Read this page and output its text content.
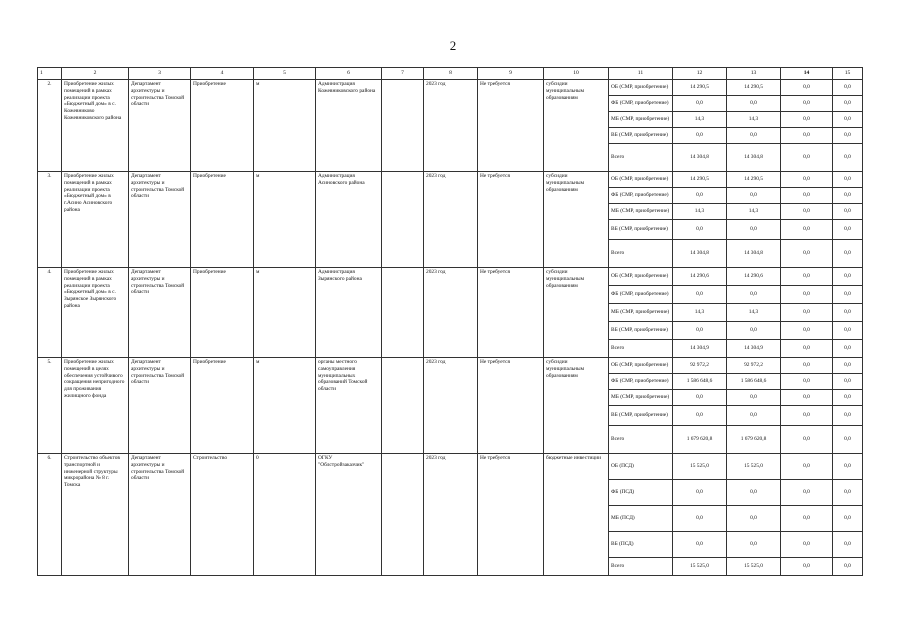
2
1	2	3	4	5	6	7	8	9	10	11	12	13	14	15
2.	Приобретение жилых помещений в рамках реализации проекта «Бюджетный дом» в с. Кожевниково Кожевниковского района	Департамент архитектуры и строительства Томской области	Приобретение	м	Администрация Кожевниковского района		2023 год	Не требуется	субсидии муниципальным образованиям	ОБ (СМР, приобретение)	14 290,5	14 290,5	0,0	0,0
										ФБ (СМР, приобретение)	0,0	0,0	0,0	0,0
										МБ (СМР, приобретение)	14,3	14,3	0,0	0,0
										ВБ (СМР, приобретение)	0,0	0,0	0,0	0,0
										Всего	14 304,8	14 304,8	0,0	0,0
3.	Приобретение жилых помещений в рамках реализации проекта «Бюджетный дом» в г.Асино Асиновского района	Департамент архитектуры и строительства Томской области	Приобретение	м	Администрация Асиновского района		2023 год	Не требуется	субсидии муниципальным образованиям	ОБ (СМР, приобретение)	14 290,5	14 290,5	0,0	0,0
										ФБ (СМР, приобретение)	0,0	0,0	0,0	0,0
										МБ (СМР, приобретение)	14,3	14,3	0,0	0,0
										ВБ (СМР, приобретение)	0,0	0,0	0,0	0,0
										Всего	14 304,8	14 304,8	0,0	0,0
4.	Приобретение жилых помещений в рамках реализации проекта «Бюджетный дом» в с. Зырянское Зырянского района	Департамент архитектуры и строительства Томской области	Приобретение	м	Администрация Зырянского района		2023 год	Не требуется	субсидии муниципальным образованиям	ОБ (СМР, приобретение)	14 290,6	14 290,6	0,0	0,0
										ФБ (СМР, приобретение)	0,0	0,0	0,0	0,0
										МБ (СМР, приобретение)	14,3	14,3	0,0	0,0
										ВБ (СМР, приобретение)	0,0	0,0	0,0	0,0
										Всего	14 304,9	14 304,9	0,0	0,0
5.	Приобретение жилых помещений в целях обеспечения устойчивого сокращения непригодного для проживания жилищного фонда	Департамент архитектуры и строительства Томской области	Приобретение	м	органы местного самоуправления муниципальных образований Томской области		2023 год	Не требуется	субсидии муниципальным образованиям	ОБ (СМР, приобретение)	92 972,2	92 972,2	0,0	0,0
										ФБ (СМР, приобретение)	1 586 648,6	1 586 648,6	0,0	0,0
										МБ (СМР, приобретение)	0,0	0,0	0,0	0,0
										ВБ (СМР, приобретение)	0,0	0,0	0,0	0,0
										Всего	1 679 620,8	1 679 620,8	0,0	0,0
6.	Строительство объектов транспортной и инженерной структуры микрорайона № 8 г. Томска	Департамент архитектуры и строительства Томской области	Строительство	0	ОГКУ "Облстройзаказчик"		2023 год	Не требуется	бюджетные инвестиции	ОБ (ПСД)	15 525,0	15 525,0	0,0	0,0
										ФБ (ПСД)	0,0	0,0	0,0	0,0
										МБ (ПСД)	0,0	0,0	0,0	0,0
										ВБ (ПСД)	0,0	0,0	0,0	0,0
										Всего	15 525,0	15 525,0	0,0	0,0
